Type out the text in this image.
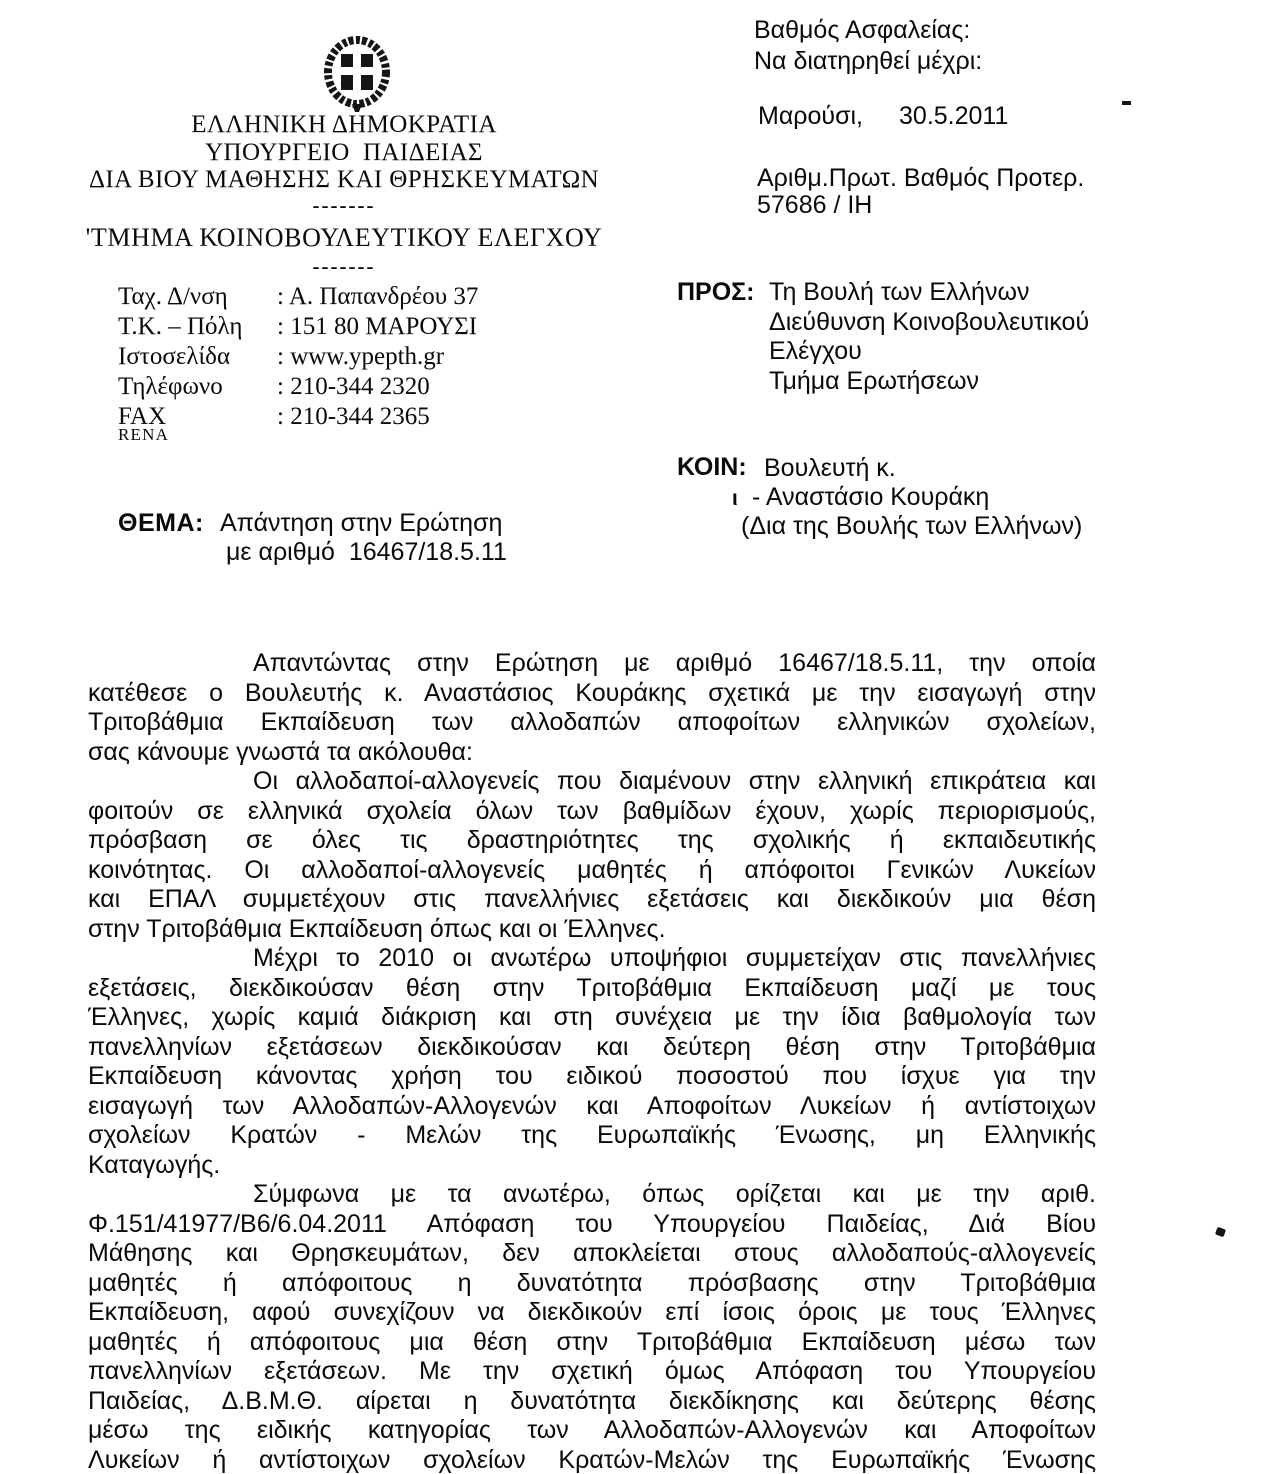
ΕΛΛΗΝΙΚΗ ΔΗΜΟΚΡΑΤΙΑ
ΥΠΟΥΡΓΕΙΟ  ΠΑΙΔΕΙΑΣ
ΔΙΑ ΒΙΟΥ ΜΑΘΗΣΗΣ ΚΑΙ ΘΡΗΣΚΕΥΜΑΤΩΝ
-------
'ΤΜΗΜΑ ΚΟΙΝΟΒΟΥΛΕΥΤΙΚΟΥ ΕΛΕΓΧΟΥ
-------
Ταχ. Δ/νση : Α. Παπανδρέου 37
Τ.Κ. – Πόλη : 151 80 ΜΑΡΟΥΣΙ
Ιστοσελίδα : www.ypepth.gr
Τηλέφωνο : 210-344 2320
FAX	: 210-344 2365
RENA
Βαθμός Ασφαλείας:
Να διατηρηθεί μέχρι:
Μαρούσι, 30.5.2011
Αριθμ.Πρωτ. Βαθμός Προτερ.
57686 / ΙΗ
ΠΡΟΣ: Τη Βουλή των Ελλήνων
Διεύθυνση Κοινοβουλευτικού
Ελέγχου
Τμήμα Ερωτήσεων
ΚΟΙΝ: Βουλευτή κ.
ι - Αναστάσιο Κουράκη
(Δια της Βουλής των Ελλήνων)
ΘΕΜΑ: Απάντηση στην Ερώτηση
με αριθμό  16467/18.5.11
Απαντώντας στην Ερώτηση με αριθμό 16467/18.5.11, την οποία
κατέθεσε ο Βουλευτής κ. Αναστάσιος Κουράκης σχετικά με την εισαγωγή στην
Τριτοβάθμια Εκπαίδευση των αλλοδαπών αποφοίτων ελληνικών σχολείων,
σας κάνουμε γνωστά τα ακόλουθα:
Οι αλλοδαποί-αλλογενείς που διαμένουν στην ελληνική επικράτεια και
φοιτούν σε ελληνικά σχολεία όλων των βαθμίδων έχουν, χωρίς περιορισμούς,
πρόσβαση σε όλες τις δραστηριότητες της σχολικής ή εκπαιδευτικής
κοινότητας. Οι αλλοδαποί-αλλογενείς μαθητές ή απόφοιτοι Γενικών Λυκείων
και ΕΠΑΛ συμμετέχουν στις πανελλήνιες εξετάσεις και διεκδικούν μια θέση
στην Τριτοβάθμια Εκπαίδευση όπως και οι Έλληνες.
Μέχρι το 2010 οι ανωτέρω υποψήφιοι συμμετείχαν στις πανελλήνιες
εξετάσεις, διεκδικούσαν θέση στην Τριτοβάθμια Εκπαίδευση μαζί με τους
Έλληνες, χωρίς καμιά διάκριση και στη συνέχεια με την ίδια βαθμολογία των
πανελληνίων εξετάσεων διεκδικούσαν και δεύτερη θέση στην Τριτοβάθμια
Εκπαίδευση κάνοντας χρήση του ειδικού ποσοστού που ίσχυε για την
εισαγωγή των Αλλοδαπών-Αλλογενών και Αποφοίτων Λυκείων ή αντίστοιχων
σχολείων Κρατών - Μελών της Ευρωπαϊκής Ένωσης, μη Ελληνικής
Καταγωγής.
Σύμφωνα με τα ανωτέρω, όπως ορίζεται και με την αριθ.
Φ.151/41977/Β6/6.04.2011 Απόφαση του Υπουργείου Παιδείας, Διά Βίου
Μάθησης και Θρησκευμάτων, δεν αποκλείεται στους αλλοδαπούς-αλλογενείς
μαθητές ή απόφοιτους η δυνατότητα πρόσβασης στην Τριτοβάθμια
Εκπαίδευση, αφού συνεχίζουν να διεκδικούν επί ίσοις όροις με τους Έλληνες
μαθητές ή απόφοιτους μια θέση στην Τριτοβάθμια Εκπαίδευση μέσω των
πανελληνίων εξετάσεων. Με την σχετική όμως Απόφαση του Υπουργείου
Παιδείας, Δ.Β.Μ.Θ. αίρεται η δυνατότητα διεκδίκησης και δεύτερης θέσης
μέσω της ειδικής κατηγορίας των Αλλοδαπών-Αλλογενών και Αποφοίτων
Λυκείων ή αντίστοιχων σχολείων Κρατών-Μελών της Ευρωπαϊκής Ένωσης
